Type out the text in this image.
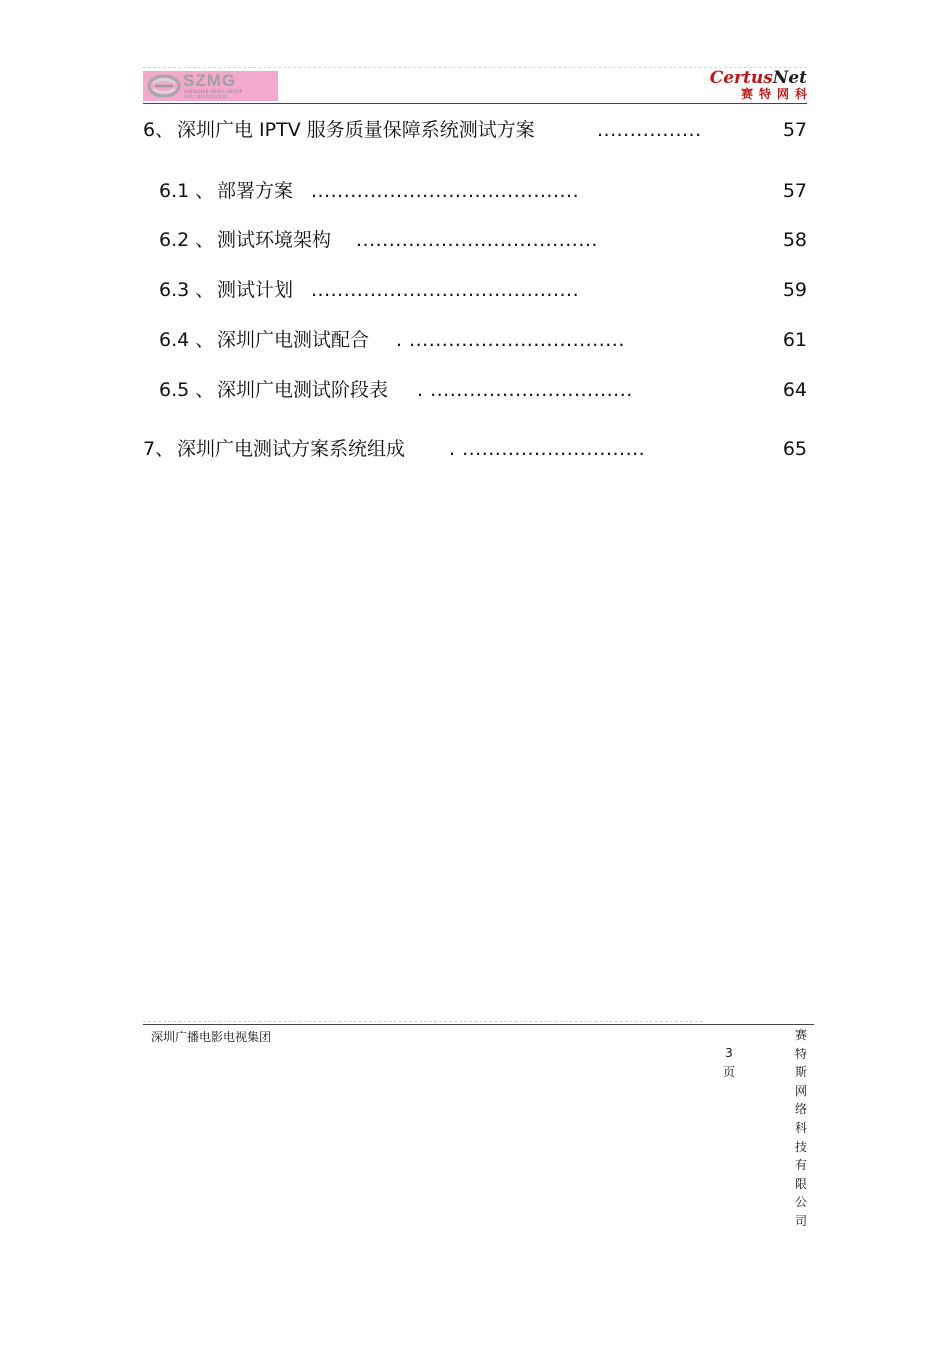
SZMG
SHENZHEN MEDIA GROUP
深圳广播电影电视集团
CertusNet
赛特网科
6、 深圳广电 IPTV 服务质量保障系统测试方案	................	57
6.1 、 部署方案 .........................................	57
6.2 、 测试环境架构 .....................................	58
6.3 、 测试计划 .........................................	59
6.4 、 深圳广电测试配合 . .................................	61
6.5 、 深圳广电测试阶段表 . ...............................	64
7、 深圳广电测试方案系统组成 . ............................	65
深圳广播电影电视集团
3
页
赛
特
斯
网
络
科
技
有
限
公
司
